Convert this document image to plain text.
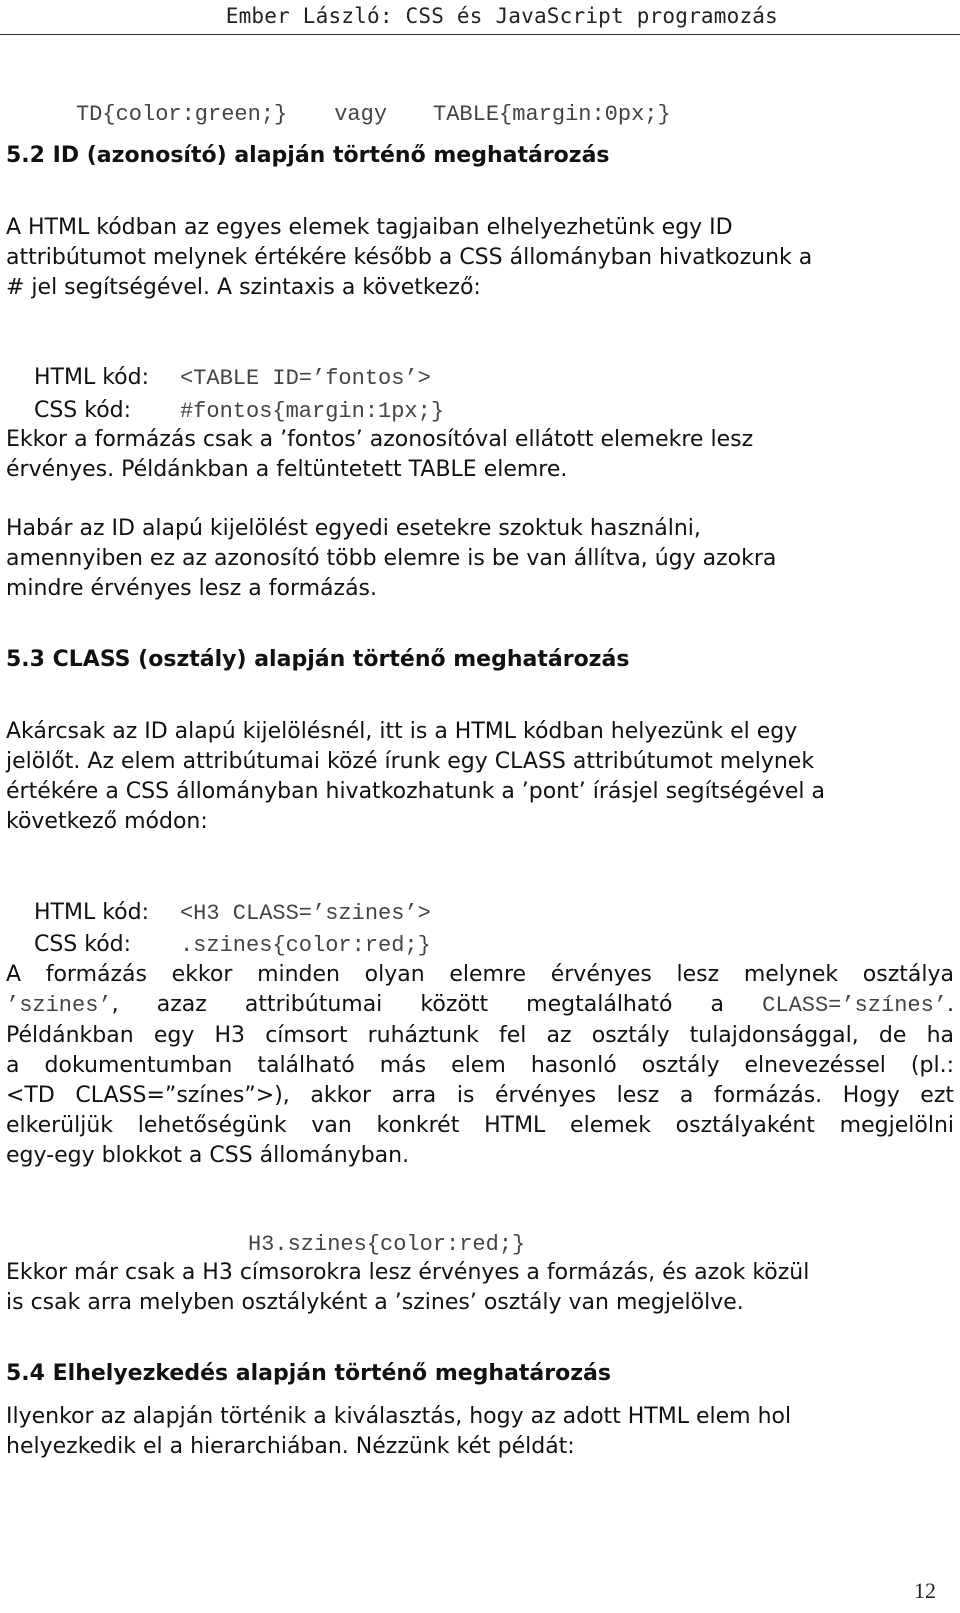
Ember László: CSS és JavaScript programozás

TD{color:green;} vagy TABLE{margin:0px;}

5.2 ID (azonosító) alapján történő meghatározás
A HTML kódban az egyes elemek tagjaiban elhelyezhetünk egy ID
attribútumot melynek értékére később a CSS állományban hivatkozunk a
# jel segítségével. A szintaxis a következő:

HTML kód: <TABLE ID=’fontos’>

CSS kód: #fontos{margin:1px;}

Ekkor a formázás csak a ’fontos’ azonosítóval ellátott elemekre lesz
érvényes. Példánkban a feltüntetett TABLE elemre.
Habár az ID alapú kijelölést egyedi esetekre szoktuk használni,
amennyiben ez az azonosító több elemre is be van állítva, úgy azokra
mindre érvényes lesz a formázás.
5.3 CLASS (osztály) alapján történő meghatározás
Akárcsak az ID alapú kijelölésnél, itt is a HTML kódban helyezünk el egy
jelölőt. Az elem attribútumai közé írunk egy CLASS attribútumot melynek
értékére a CSS állományban hivatkozhatunk a ’pont’ írásjel segítségével a
következő módon:

HTML kód: <H3 CLASS=’szines’>

CSS kód: .szines{color:red;}

A formázás ekkor minden olyan elemre érvényes lesz melynek osztálya
’szines’, azaz attribútumai között megtalálható a CLASS=’színes’.
Példánkban egy H3 címsort ruháztunk fel az osztály tulajdonsággal, de ha
a dokumentumban található más elem hasonló osztály elnevezéssel (pl.:
<TD CLASS=”színes”>), akkor arra is érvényes lesz a formázás. Hogy ezt
elkerüljük lehetőségünk van konkrét HTML elemek osztályaként megjelölni
egy-egy blokkot a CSS állományban.

H3.szines{color:red;}

Ekkor már csak a H3 címsorokra lesz érvényes a formázás, és azok közül
is csak arra melyben osztályként a ’szines’ osztály van megjelölve.
5.4 Elhelyezkedés alapján történő meghatározás
Ilyenkor az alapján történik a kiválasztás, hogy az adott HTML elem hol
helyezkedik el a hierarchiában. Nézzünk két példát:
12
